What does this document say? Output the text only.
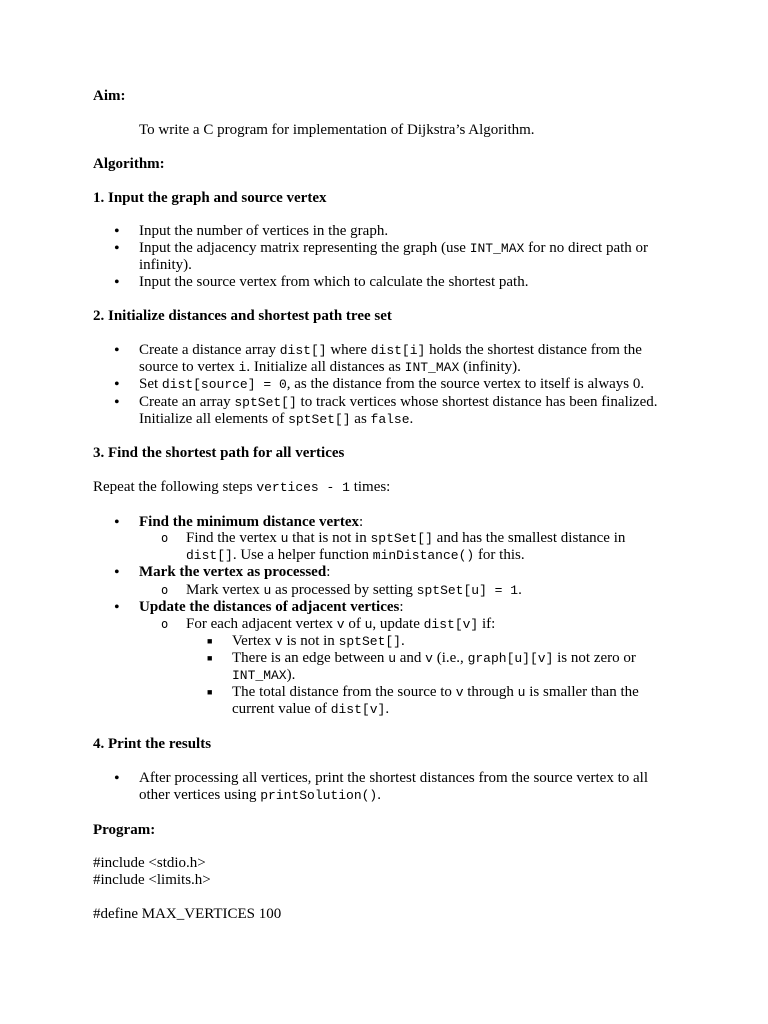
Aim:

To write a C program for implementation of Dijkstra’s Algorithm.

Algorithm:

1. Input the graph and source vertex

• Input the number of vertices in the graph.
• Input the adjacency matrix representing the graph (use INT_MAX for no direct path or
infinity).
• Input the source vertex from which to calculate the shortest path.

2. Initialize distances and shortest path tree set

• Create a distance array dist[] where dist[i] holds the shortest distance from the
source to vertex i. Initialize all distances as INT_MAX (infinity).
• Set dist[source] = 0, as the distance from the source vertex to itself is always 0.
• Create an array sptSet[] to track vertices whose shortest distance has been finalized.
Initialize all elements of sptSet[] as false.

3. Find the shortest path for all vertices

Repeat the following steps vertices - 1 times:

• Find the minimum distance vertex:
o Find the vertex u that is not in sptSet[] and has the smallest distance in
dist[]. Use a helper function minDistance() for this.
• Mark the vertex as processed:
o Mark vertex u as processed by setting sptSet[u] = 1.
• Update the distances of adjacent vertices:
o For each adjacent vertex v of u, update dist[v] if:
■ Vertex v is not in sptSet[].
■ There is an edge between u and v (i.e., graph[u][v] is not zero or
INT_MAX).
■ The total distance from the source to v through u is smaller than the
current value of dist[v].

4. Print the results

• After processing all vertices, print the shortest distances from the source vertex to all
other vertices using printSolution().

Program:

#include <stdio.h>

#include <limits.h>

#define MAX_VERTICES 100
